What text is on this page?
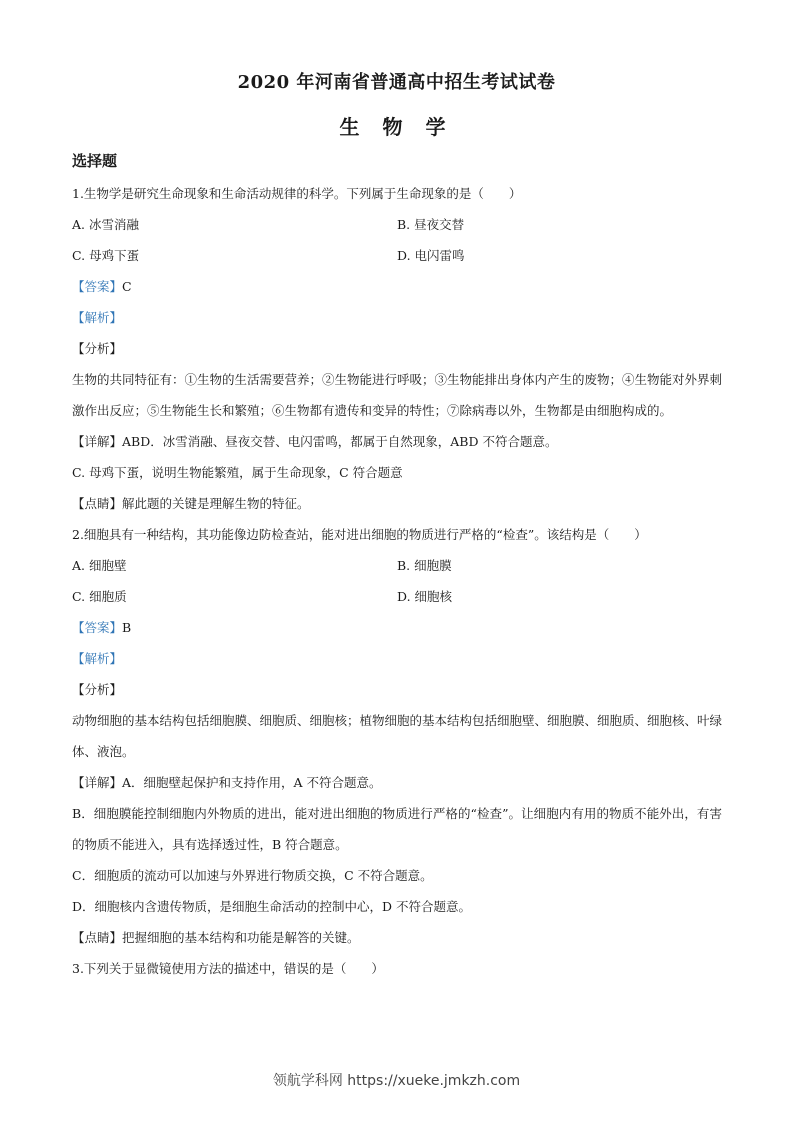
2020 年河南省普通高中招生考试试卷
生 物 学
选择题
1.生物学是研究生命现象和生命活动规律的科学。下列属于生命现象的是（　　）
A. 冰雪消融	B. 昼夜交替
C. 母鸡下蛋	D. 电闪雷鸣
【答案】C
【解析】
【分析】
生物的共同特征有：①生物的生活需要营养；②生物能进行呼吸；③生物能排出身体内产生的废物；④生物能对外界刺激作出反应；⑤生物能生长和繁殖；⑥生物都有遗传和变异的特性；⑦除病毒以外，生物都是由细胞构成的。
【详解】ABD．冰雪消融、昼夜交替、电闪雷鸣，都属于自然现象，ABD 不符合题意。
C. 母鸡下蛋，说明生物能繁殖，属于生命现象，C 符合题意
【点睛】解此题的关键是理解生物的特征。
2.细胞具有一种结构，其功能像边防检查站，能对进出细胞的物质进行严格的“检查”。该结构是（　　）
A. 细胞壁	B. 细胞膜
C. 细胞质	D. 细胞核
【答案】B
【解析】
【分析】
动物细胞的基本结构包括细胞膜、细胞质、细胞核；植物细胞的基本结构包括细胞壁、细胞膜、细胞质、细胞核、叶绿体、液泡。
【详解】A．细胞壁起保护和支持作用，A 不符合题意。
B．细胞膜能控制细胞内外物质的进出，能对进出细胞的物质进行严格的“检查”。让细胞内有用的物质不能外出，有害的物质不能进入，具有选择透过性，B 符合题意。
C．细胞质的流动可以加速与外界进行物质交换，C 不符合题意。
D．细胞核内含遗传物质，是细胞生命活动的控制中心，D 不符合题意。
【点睛】把握细胞的基本结构和功能是解答的关键。
3.下列关于显微镜使用方法的描述中，错误的是（　　）
领航学科网 https://xueke.jmkzh.com
